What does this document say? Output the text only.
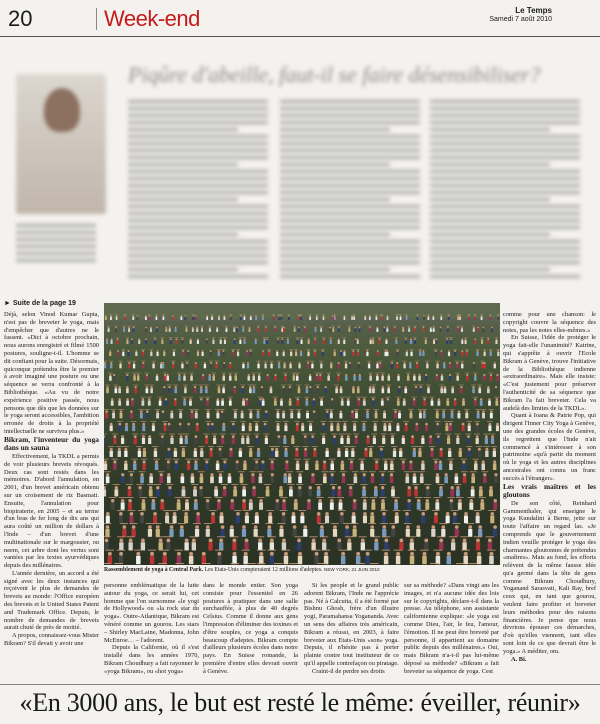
20	Week-end	Le Temps
Samedi 7 août 2010
Piqûre d'abeille, faut-il se faire désensibiliser?
► Suite de la page 19

Déjà, selon Vinod Kumar Gupta, n'est pas de breveter le yoga, mais d'empêcher que d'autres ne le fassent. «Dici à octobre prochain, nous aurons enregistré et filmé 1500 postures, souligne-t-il. L'homme se dit confiant pour la suite. Désormais, quiconque prétendra être le premier à avoir imaginé une posture ou une séquence se verra confronté à la Bibliothèque. «Au vu de notre expérience positive passée, nous pensons que dès que les données sur le yoga seront accessibles, l'ambition erronée de droits à la propriété intellectuelle ne survivra plus.»

Bikram, l'inventeur du yoga dans un sauna

Effectivement, la TKDL a permis de voir plusieurs brevets révoqués. Deux cas sont restés dans les mémoires. D'abord l'annulation, en 2001, d'un brevet américain obtenu sur un croisement de riz Basmati. Ensuite, l'annulation pour biopiraterie, en 2005 – et au terme d'un bras de fer long de dix ans qui aura coûté un million de dollars à l'Inde – d'un brevet d'une multinationale sur le margousier, ou neem, cet arbre dont les vertus sont vantées par les textes ayurvédiques depuis des millénaires.

L'année dernière, un accord a été signé avec les deux instances qui reçoivent le plus de demandes de brevets au monde: l'Office européen des brevets et le United States Patent and Trademark Office. Depuis, le nombre de demandes de brevets aurait chuté de près de moitié.

A propos, connaissez-vous Mister Bikram? S'il devait y avoir une

Rassemblement de yoga à Central Park. Les Etats-Unis compteraient 12 millions d'adeptes. NEW YORK, 21 JUIN 2010

personne emblématique de la lutte autour du yoga, ce serait lui, cet homme que l'on surnomme «le yogi de Hollywood» ou «la rock star du yoga». Outre-Atlantique, Bikram est vénéré comme un gourou. Les stars – Shirley MacLaine, Madonna, John McEnroe… – l'adorent.

Depuis la Californie, où il s'est installé dans les années 1970, Bikram Choudhury a fait rayonner le «yoga Bikram», ou «hot yoga»

dans le monde entier. Son yoga consiste pour l'essentiel en 26 postures à pratiquer dans une salle surchauffée, à plus de 40 degrés Celsius. Comme il donne aux gens l'impression d'éliminer des toxines et d'être souples, ce yoga a conquis beaucoup d'adeptes. Bikram compte d'ailleurs plusieurs écoles dans notre pays. En Suisse romande, la première d'entre elles devrait ouvrir à Genève.

Si les people et le grand public adorent Bikram, l'Inde ne l'apprécie pas. Né à Calcutta, il a été formé par Bishnu Ghosh, frère d'un illustre yogi, Paramahansa Yogananda. Avec un sens des affaires très américain, Bikram a réussi, en 2003, à faire breveter aux Etats-Unis «son» yoga. Depuis, il n'hésite pas à porter plainte contre tout instituteur de ce qu'il appelle contrefaçon ou piratage.

Craint-il de perdre ses droits

sur sa méthode? «Dans vingt ans les images, et n'a aucune idée des lois sur le copyrights, déclare-t-il dans la presse. Au téléphone, son assistante californienne explique: «le yoga est comme Dieu, l'air, le feu, l'amour, l'émotion. Il ne peut être breveté par personne, il appartient au domaine public depuis des millénaires.» Oui, mais Bikram n'a-t-il pas lui-même déposé sa méthode? «Bikram a fait breveter sa séquence de yoga. Cest

comme pour une chanson: le copyright couvre la séquence des notes, pas les notes elles-mêmes.»

En Suisse, l'idée de protéger le yoga fait-elle l'unanimité? Katrine, qui s'apprête à ouvrir l'Ecole Bikram à Genève, trouve l'initiative de la Bibliothèque indienne «extraordinaire». Mais elle insiste: «C'est justement pour préserver l'authenticité de sa séquence que Bikram l'a fait breveter. Cela va audelà des limites de la TKDL».

Quant à Ioana & Patrie Pop, qui dirigent l'Inner City Yoga à Genève, une des grandes écoles de Genève, ils regrettent que l'Inde n'ait commencé à s'intéresser à son patrimoine «qu'à partir du moment où le yoga et les autres disciplines ancestrales ont connu un franc succès à l'étranger».

Les vrais maîtres et les gloutons

De son côté, Reinhard Gammenthaler, qui enseigne le yoga Kundalini à Berne, jette sur toute l'affaire un regard las. «Je comprends que le gouvernement indien veuille protéger le yoga des charmantes gloutonnes de prétendus «maîtres». Mais au fond, les efforts relèvent de la même fausse idée qu'a germé dans la tête de gens comme Bikram Choudhury, Yoganand Sarasvati, Kali Ray, bref ceux qui, en tant que gourou, veulent faire profiter et breveter leurs méthodes pour des raisons financières. Je pense que nous devrions épouser ces démarches, d'où qu'elles viennent, tant elles sont loin de ce que devrait être le yoga.» A méditer, om.

A. Bi.

«En 3000 ans, le but est resté le même: éveiller, réunir»
